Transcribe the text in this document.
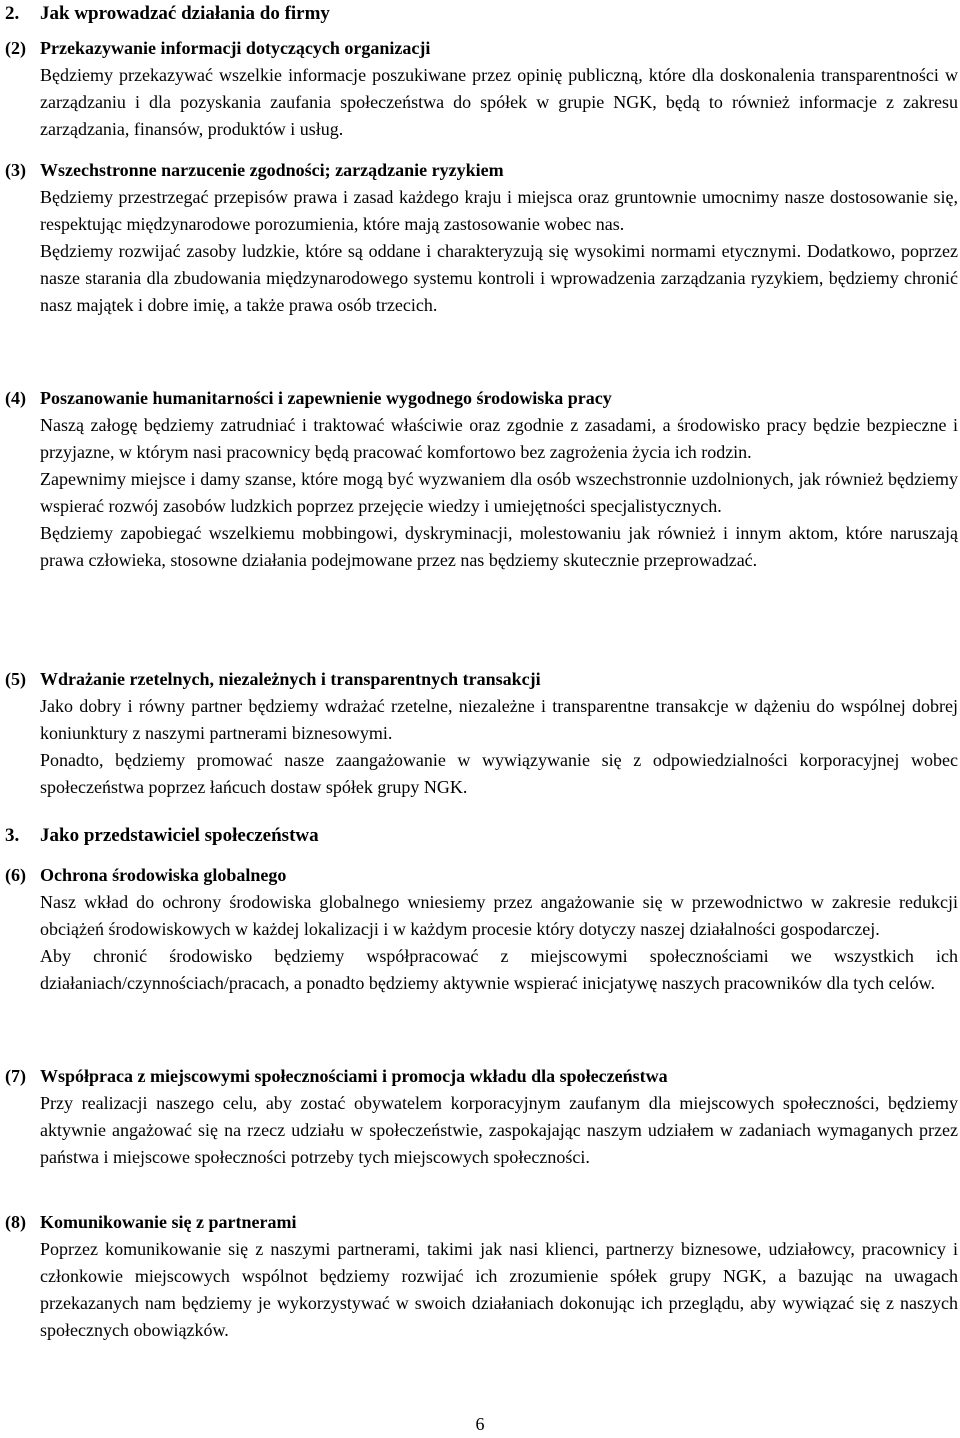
2. Jak wprowadzać działania do firmy
(2) Przekazywanie informacji dotyczących organizacji

Będziemy przekazywać wszelkie informacje poszukiwane przez opinię publiczną, które dla doskonalenia transparentności w zarządzaniu i dla pozyskania zaufania społeczeństwa do spółek w grupie NGK, będą to również informacje z zakresu zarządzania, finansów, produktów i usług.

(3) Wszechstronne narzucenie zgodności; zarządzanie ryzykiem

Będziemy przestrzegać przepisów prawa i zasad każdego kraju i miejsca oraz gruntownie umocnimy nasze dostosowanie się, respektując międzynarodowe porozumienia, które mają zastosowanie wobec nas.

Będziemy rozwijać zasoby ludzkie, które są oddane i charakteryzują się wysokimi normami etycznymi. Dodatkowo, poprzez nasze starania dla zbudowania międzynarodowego systemu kontroli i wprowadzenia zarządzania ryzykiem, będziemy chronić nasz majątek i dobre imię, a także prawa osób trzecich.

(4) Poszanowanie humanitarności i zapewnienie wygodnego środowiska pracy

Naszą załogę będziemy zatrudniać i traktować właściwie oraz zgodnie z zasadami, a środowisko pracy będzie bezpieczne i przyjazne, w którym nasi pracownicy będą pracować komfortowo bez zagrożenia życia ich rodzin.

Zapewnimy miejsce i damy szanse, które mogą być wyzwaniem dla osób wszechstronnie uzdolnionych, jak również będziemy wspierać rozwój zasobów ludzkich poprzez przejęcie wiedzy i umiejętności specjalistycznych.

Będziemy zapobiegać wszelkiemu mobbingowi, dyskryminacji, molestowaniu jak również i innym aktom, które naruszają prawa człowieka, stosowne działania podejmowane przez nas będziemy skutecznie przeprowadzać.

(5) Wdrażanie rzetelnych, niezależnych i transparentnych transakcji

Jako dobry i równy partner będziemy wdrażać rzetelne, niezależne i transparentne transakcje w dążeniu do wspólnej dobrej koniunktury z naszymi partnerami biznesowymi.

Ponadto, będziemy promować nasze zaangażowanie w wywiązywanie się z odpowiedzialności korporacyjnej wobec społeczeństwa poprzez łańcuch dostaw spółek grupy NGK.

3. Jako przedstawiciel społeczeństwa
(6) Ochrona środowiska globalnego

Nasz wkład do ochrony środowiska globalnego wniesiemy przez angażowanie się w przewodnictwo w zakresie redukcji obciążeń środowiskowych w każdej lokalizacji i w każdym procesie który dotyczy naszej działalności gospodarczej.

Aby chronić środowisko będziemy współpracować z miejscowymi społecznościami we wszystkich ich działaniach/czynnościach/pracach, a ponadto będziemy aktywnie wspierać inicjatywę naszych pracowników dla tych celów.

(7) Współpraca z miejscowymi społecznościami i promocja wkładu dla społeczeństwa

Przy realizacji naszego celu, aby zostać obywatelem korporacyjnym zaufanym dla miejscowych społeczności, będziemy aktywnie angażować się na rzecz udziału w społeczeństwie, zaspokajając naszym udziałem w zadaniach wymaganych przez państwa i miejscowe społeczności potrzeby tych miejscowych społeczności.

(8) Komunikowanie się z partnerami

Poprzez komunikowanie się z naszymi partnerami, takimi jak nasi klienci, partnerzy biznesowe, udziałowcy, pracownicy i członkowie miejscowych wspólnot będziemy rozwijać ich zrozumienie spółek grupy NGK, a bazując na uwagach przekazanych nam będziemy je wykorzystywać w swoich działaniach dokonując ich przeglądu, aby wywiązać się z naszych społecznych obowiązków.

6
